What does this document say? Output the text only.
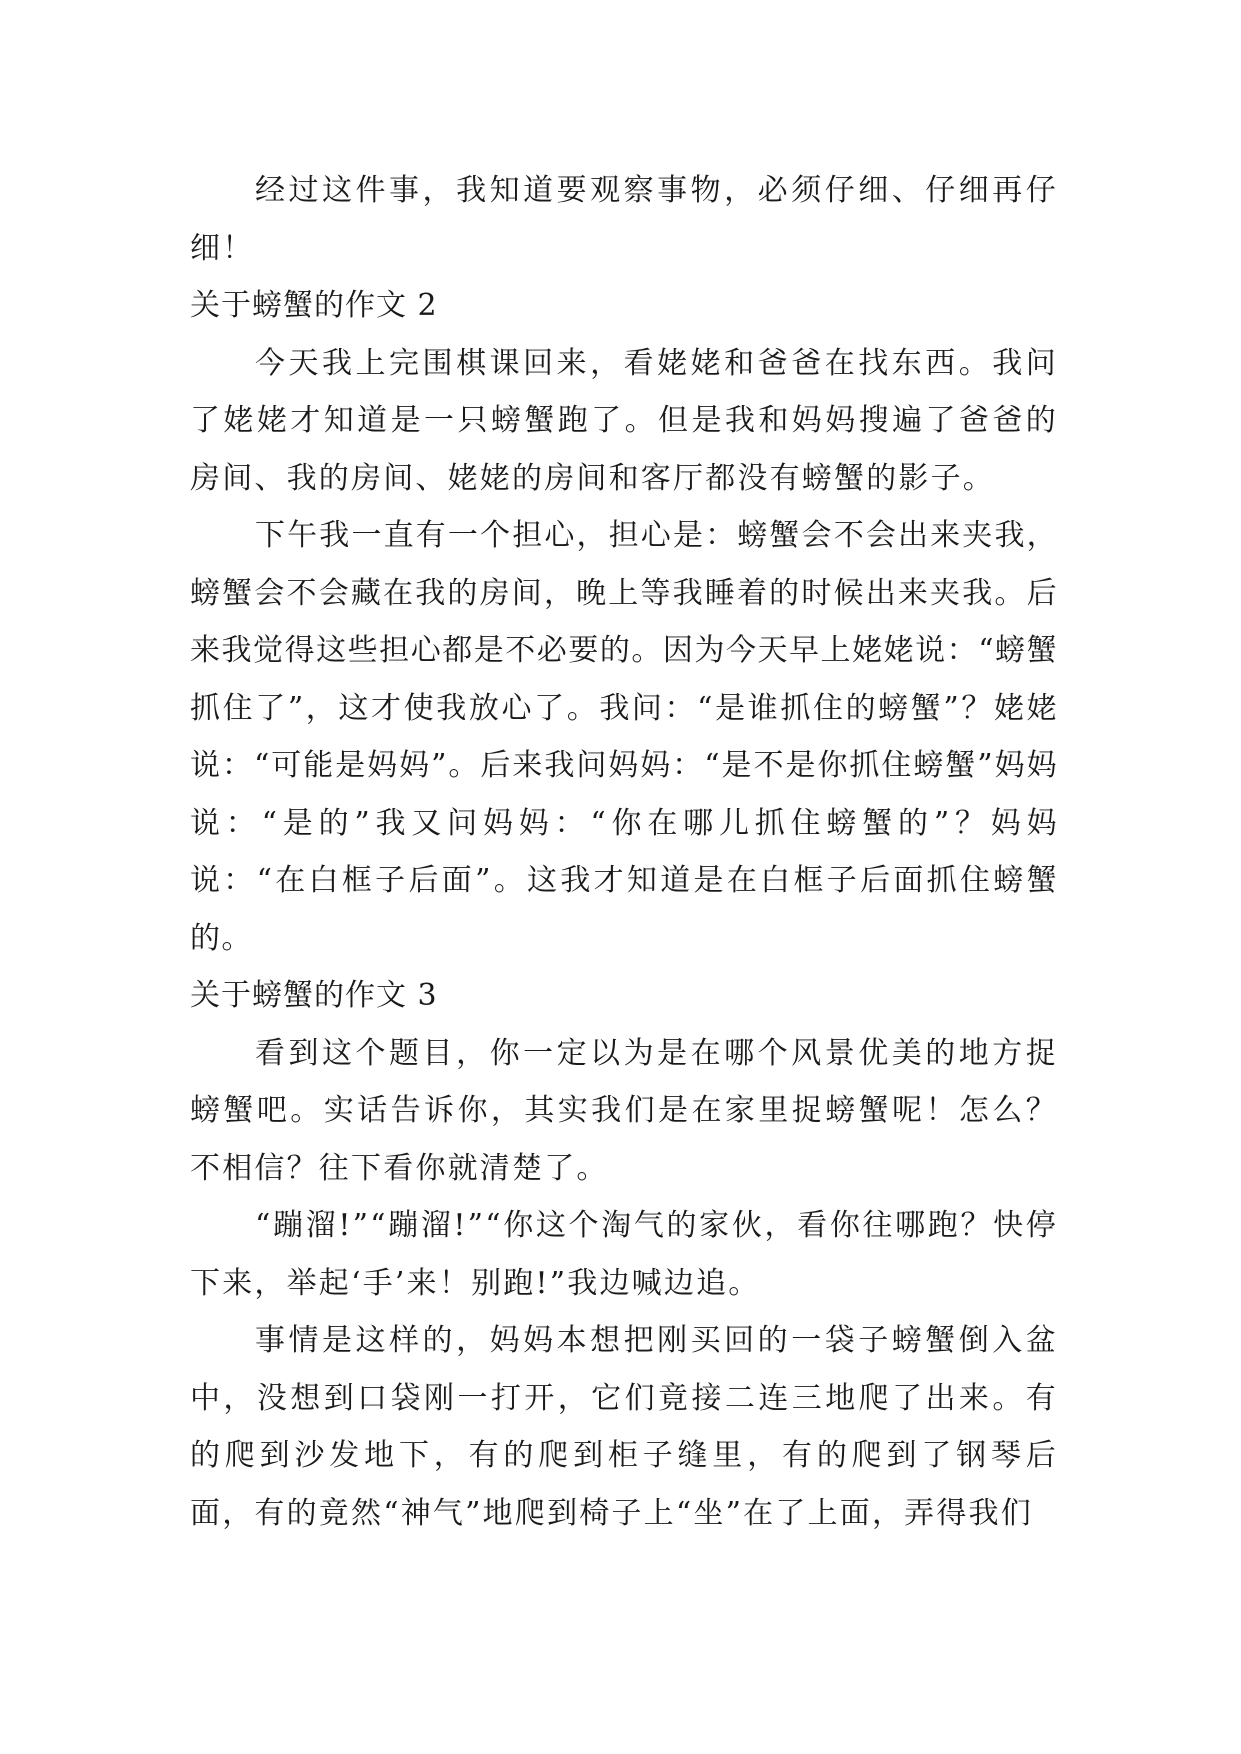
经过这件事，我知道要观察事物，必须仔细、仔细再仔细！

关于螃蟹的作文 2

今天我上完围棋课回来，看姥姥和爸爸在找东西。我问了姥姥才知道是一只螃蟹跑了。但是我和妈妈搜遍了爸爸的房间、我的房间、姥姥的房间和客厅都没有螃蟹的影子。

下午我一直有一个担心，担心是：螃蟹会不会出来夹我，螃蟹会不会藏在我的房间，晚上等我睡着的时候出来夹我。后来我觉得这些担心都是不必要的。因为今天早上姥姥说：“螃蟹抓住了”，这才使我放心了。我问：“是谁抓住的螃蟹”？姥姥说：“可能是妈妈”。后来我问妈妈：“是不是你抓住螃蟹”妈妈说：“是的”我又问妈妈：“你在哪儿抓住螃蟹的”？妈妈说：“在白框子后面”。这我才知道是在白框子后面抓住螃蟹的。

关于螃蟹的作文 3

看到这个题目，你一定以为是在哪个风景优美的地方捉螃蟹吧。实话告诉你，其实我们是在家里捉螃蟹呢！怎么？不相信？往下看你就清楚了。

“蹦溜!”“蹦溜!”“你这个淘气的家伙，看你往哪跑？快停下来，举起‘手’来！别跑!”我边喊边追。

事情是这样的，妈妈本想把刚买回的一袋子螃蟹倒入盆中，没想到口袋刚一打开，它们竟接二连三地爬了出来。有的爬到沙发地下，有的爬到柜子缝里，有的爬到了钢琴后面，有的竟然“神气”地爬到椅子上“坐”在了上面，弄得我们
